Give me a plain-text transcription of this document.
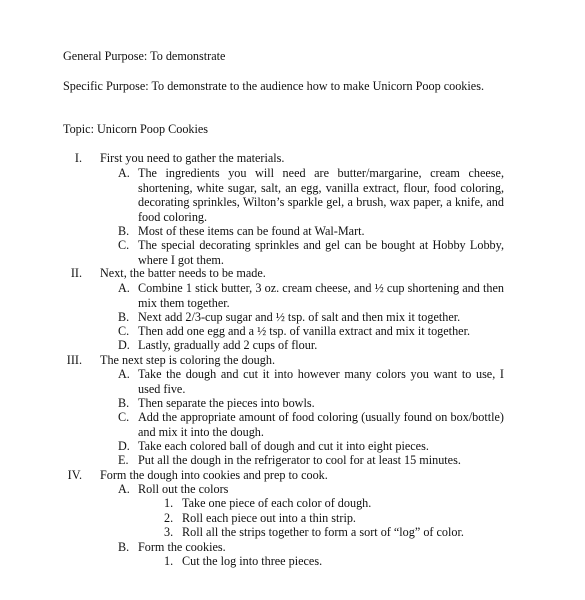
General Purpose: To demonstrate
Specific Purpose: To demonstrate to the audience how to make Unicorn Poop cookies.
Topic: Unicorn Poop Cookies
I. First you need to gather the materials.
A. The ingredients you will need are butter/margarine, cream cheese, shortening, white sugar, salt, an egg, vanilla extract, flour, food coloring, decorating sprinkles, Wilton’s sparkle gel, a brush, wax paper, a knife, and food coloring.
B. Most of these items can be found at Wal-Mart.
C. The special decorating sprinkles and gel can be bought at Hobby Lobby, where I got them.
II. Next, the batter needs to be made.
A. Combine 1 stick butter, 3 oz. cream cheese, and ½ cup shortening and then mix them together.
B. Next add 2/3-cup sugar and ½ tsp. of salt and then mix it together.
C. Then add one egg and a ½ tsp. of vanilla extract and mix it together.
D. Lastly, gradually add 2 cups of flour.
III. The next step is coloring the dough.
A. Take the dough and cut it into however many colors you want to use, I used five.
B. Then separate the pieces into bowls.
C. Add the appropriate amount of food coloring (usually found on box/bottle) and mix it into the dough.
D. Take each colored ball of dough and cut it into eight pieces.
E. Put all the dough in the refrigerator to cool for at least 15 minutes.
IV. Form the dough into cookies and prep to cook.
A. Roll out the colors
1. Take one piece of each color of dough.
2. Roll each piece out into a thin strip.
3. Roll all the strips together to form a sort of “log” of color.
B. Form the cookies.
1. Cut the log into three pieces.
